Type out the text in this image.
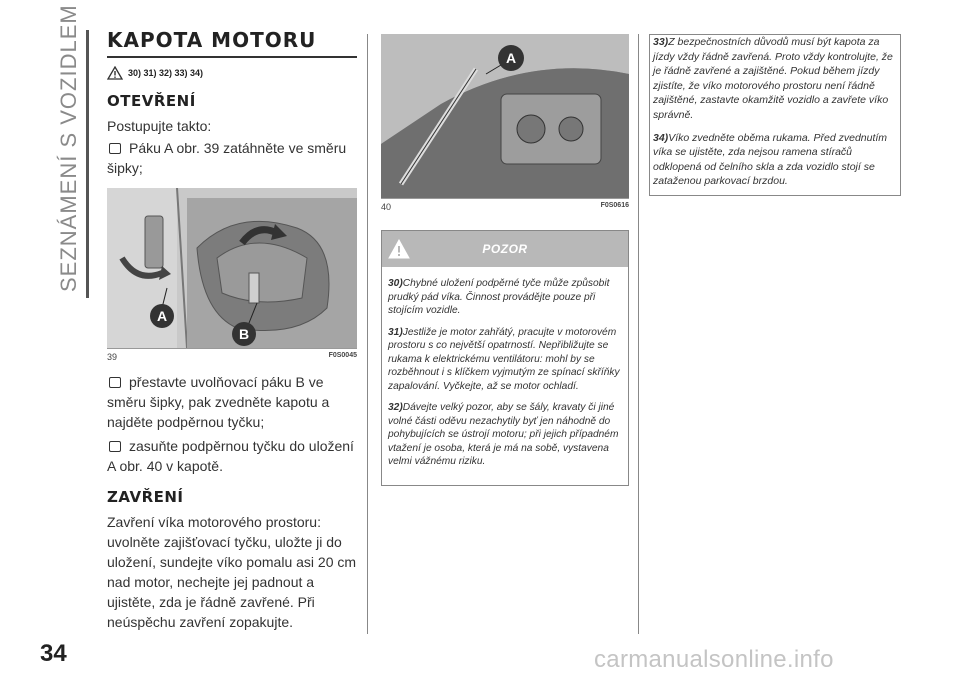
SEZNÁMENÍ S VOZIDLEM
34	carmanualsonline.info
KAPOTA MOTORU
30) 31) 32) 33) 34)
OTEVŘENÍ
Postupujte takto:
Páku A obr. 39 zatáhněte ve směru šipky;
A
B
39	F0S0045
přestavte uvolňovací páku B ve směru šipky, pak zvedněte kapotu a najděte podpěrnou tyčku;
zasuňte podpěrnou tyčku do uložení A obr. 40 v kapotě.
ZAVŘENÍ
Zavření víka motorového prostoru: uvolněte zajišťovací tyčku, uložte ji do uložení, sundejte víko pomalu asi 20 cm nad motor, nechejte jej padnout a ujistěte, zda je řádně zavřené. Při neúspěchu zavření zopakujte.
A
40	F0S0616
POZOR
30)Chybné uložení podpěrné tyče může způsobit prudký pád víka. Činnost provádějte pouze při stojícím vozidle.
31)Jestliže je motor zahřátý, pracujte v motorovém prostoru s co největší opatrností. Nepřibližujte se rukama k elektrickému ventilátoru: mohl by se rozběhnout i s klíčkem vyjmutým ze spínací skříňky zapalování. Vyčkejte, až se motor ochladí.
32)Dávejte velký pozor, aby se šály, kravaty či jiné volné části oděvu nezachytily byť jen náhodně do pohybujících se ústrojí motoru; při jejich případném vtažení je osoba, která je má na sobě, vystavena velmi vážnému riziku.
33)Z bezpečnostních důvodů musí být kapota za jízdy vždy řádně zavřená. Proto vždy kontrolujte, že je řádně zavřené a zajištěné. Pokud během jízdy zjistíte, že víko motorového prostoru není řádně zajištěné, zastavte okamžitě vozidlo a zavřete víko správně.
34)Víko zvedněte oběma rukama. Před zvednutím víka se ujistěte, zda nejsou ramena stíračů odklopená od čelního skla a zda vozidlo stojí se zataženou parkovací brzdou.
